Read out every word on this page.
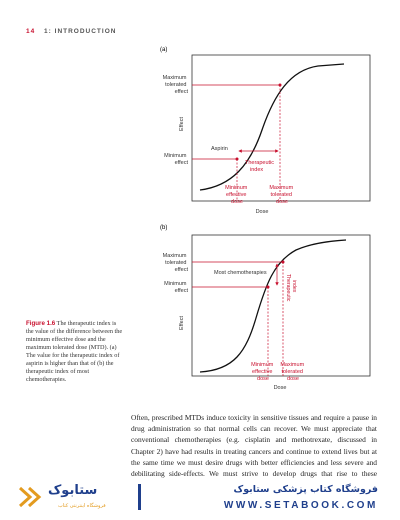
14 1: INTRODUCTION
(a)
Maximum tolerated effect
Minimum effect
Effect
Aspirin
Therapeutic index
Minimum effective dose
Maximum tolerated dose
Dose
(b)
Maximum tolerated effect
Minimum effect
Effect
Most chemotherapies
Therapeutic index
Minimum effective dose
Maximum tolerated dose
Dose
Figure 1.6 The therapeutic index is the value of the difference between the minimum effective dose and the maximum tolerated dose (MTD). (a) The value for the therapeutic index of aspirin is higher than that of (b) the therapeutic index of most chemotherapies.

Often, prescribed MTDs induce toxicity in sensitive tissues and require a pause in drug administration so that normal cells can recover. We must appreciate that conventional chemotherapies (e.g. cisplatin and methotrexate, discussed in Chapter 2) have had results in treating cancers and continue to extend lives but at the same time we must desire drugs with better efficiencies and less severe and debilitating side-effects. We must strive to develop drugs that rise to these

ستابوک
فروشگاه اینترنتی کتاب
فروشگاه کتاب پزشکی ستابوک
WWW.SETABOOK.COM
